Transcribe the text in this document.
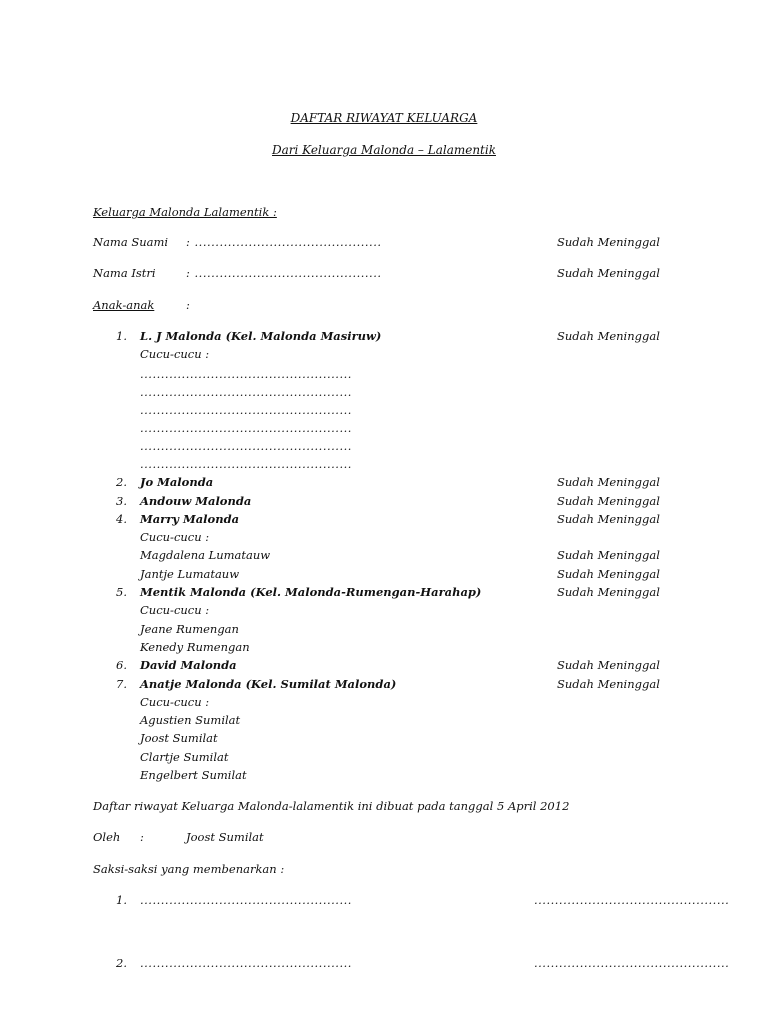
DAFTAR RIWAYAT KELUARGA
Dari Keluarga Malonda – Lalamentik
Keluarga Malonda Lalamentik :
Nama Suami : .............................................	Sudah Meninggal
Nama Istri	: .............................................	Sudah Meninggal
Anak-anak	:
1. L. J Malonda (Kel. Malonda Masiruw)	Sudah Meninggal
Cucu-cucu :
...................................................
...................................................
...................................................
...................................................
...................................................
...................................................
2. Jo Malonda	Sudah Meninggal
3. Andouw Malonda	Sudah Meninggal
4. Marry Malonda	Sudah Meninggal
Cucu-cucu :
Magdalena Lumatauw	Sudah Meninggal
Jantje Lumatauw	Sudah Meninggal
5. Mentik Malonda (Kel. Malonda-Rumengan-Harahap)	Sudah Meninggal
Cucu-cucu :
Jeane Rumengan
Kenedy Rumengan
6. David Malonda	Sudah Meninggal
7. Anatje Malonda (Kel. Sumilat Malonda)	Sudah Meninggal
Cucu-cucu :
Agustien Sumilat
Joost Sumilat
Clartje Sumilat
Engelbert Sumilat
Daftar riwayat Keluarga Malonda-lalamentik ini dibuat pada tanggal 5 April 2012
Oleh :	Joost Sumilat
Saksi-saksi yang membenarkan :
1. ...................................................	...............................................
2. ...................................................	...............................................
